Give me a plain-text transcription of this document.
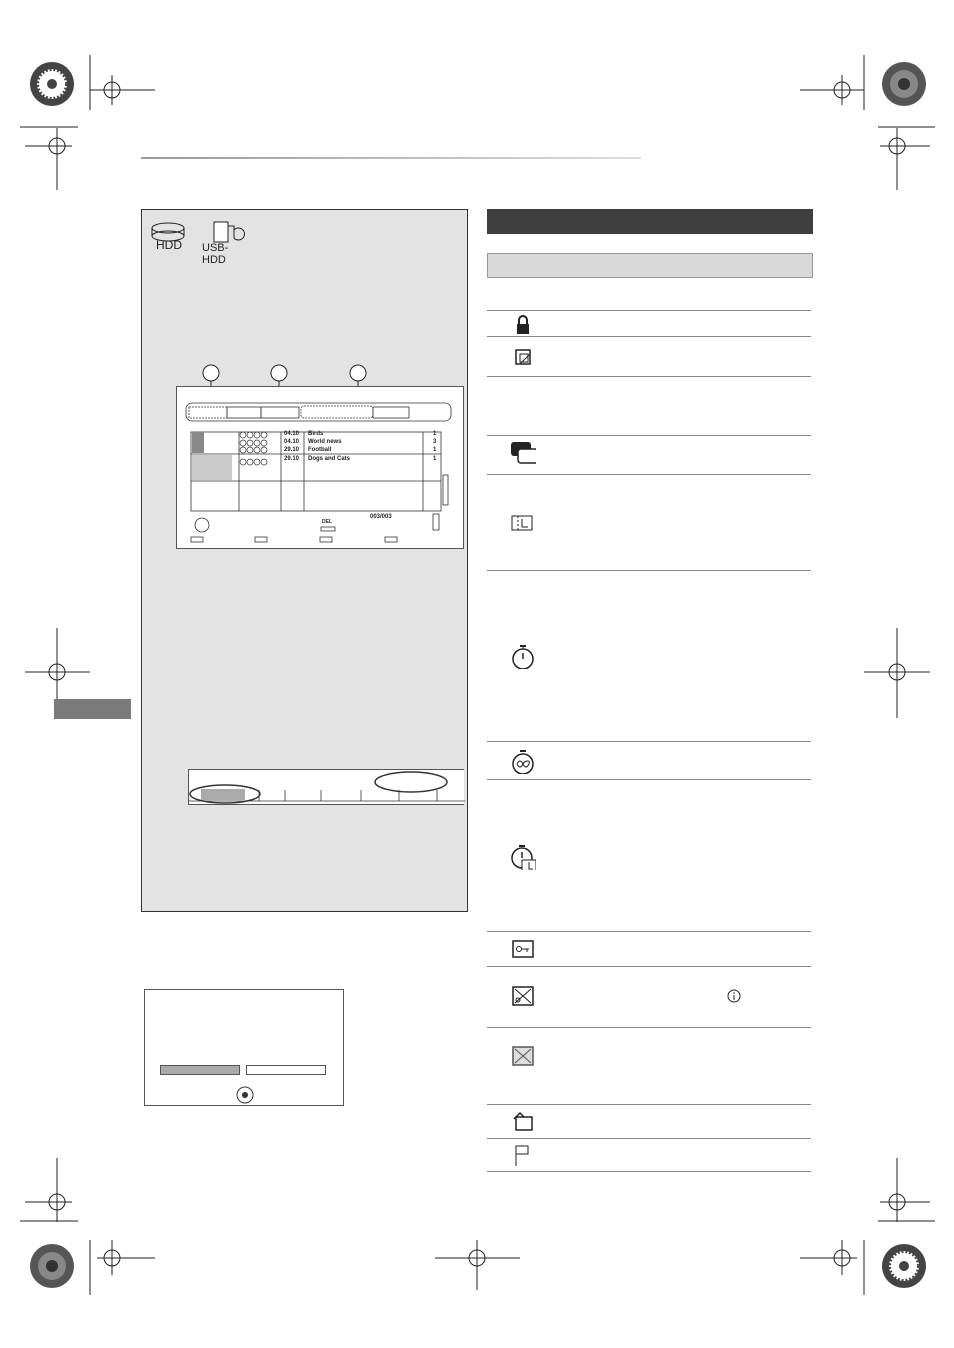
HDD USB-HDD
04.10 Birds	1
04.10 World news	3
29.10 Football	1
29.10 Dogs and Cats	1
003/003
DEL
